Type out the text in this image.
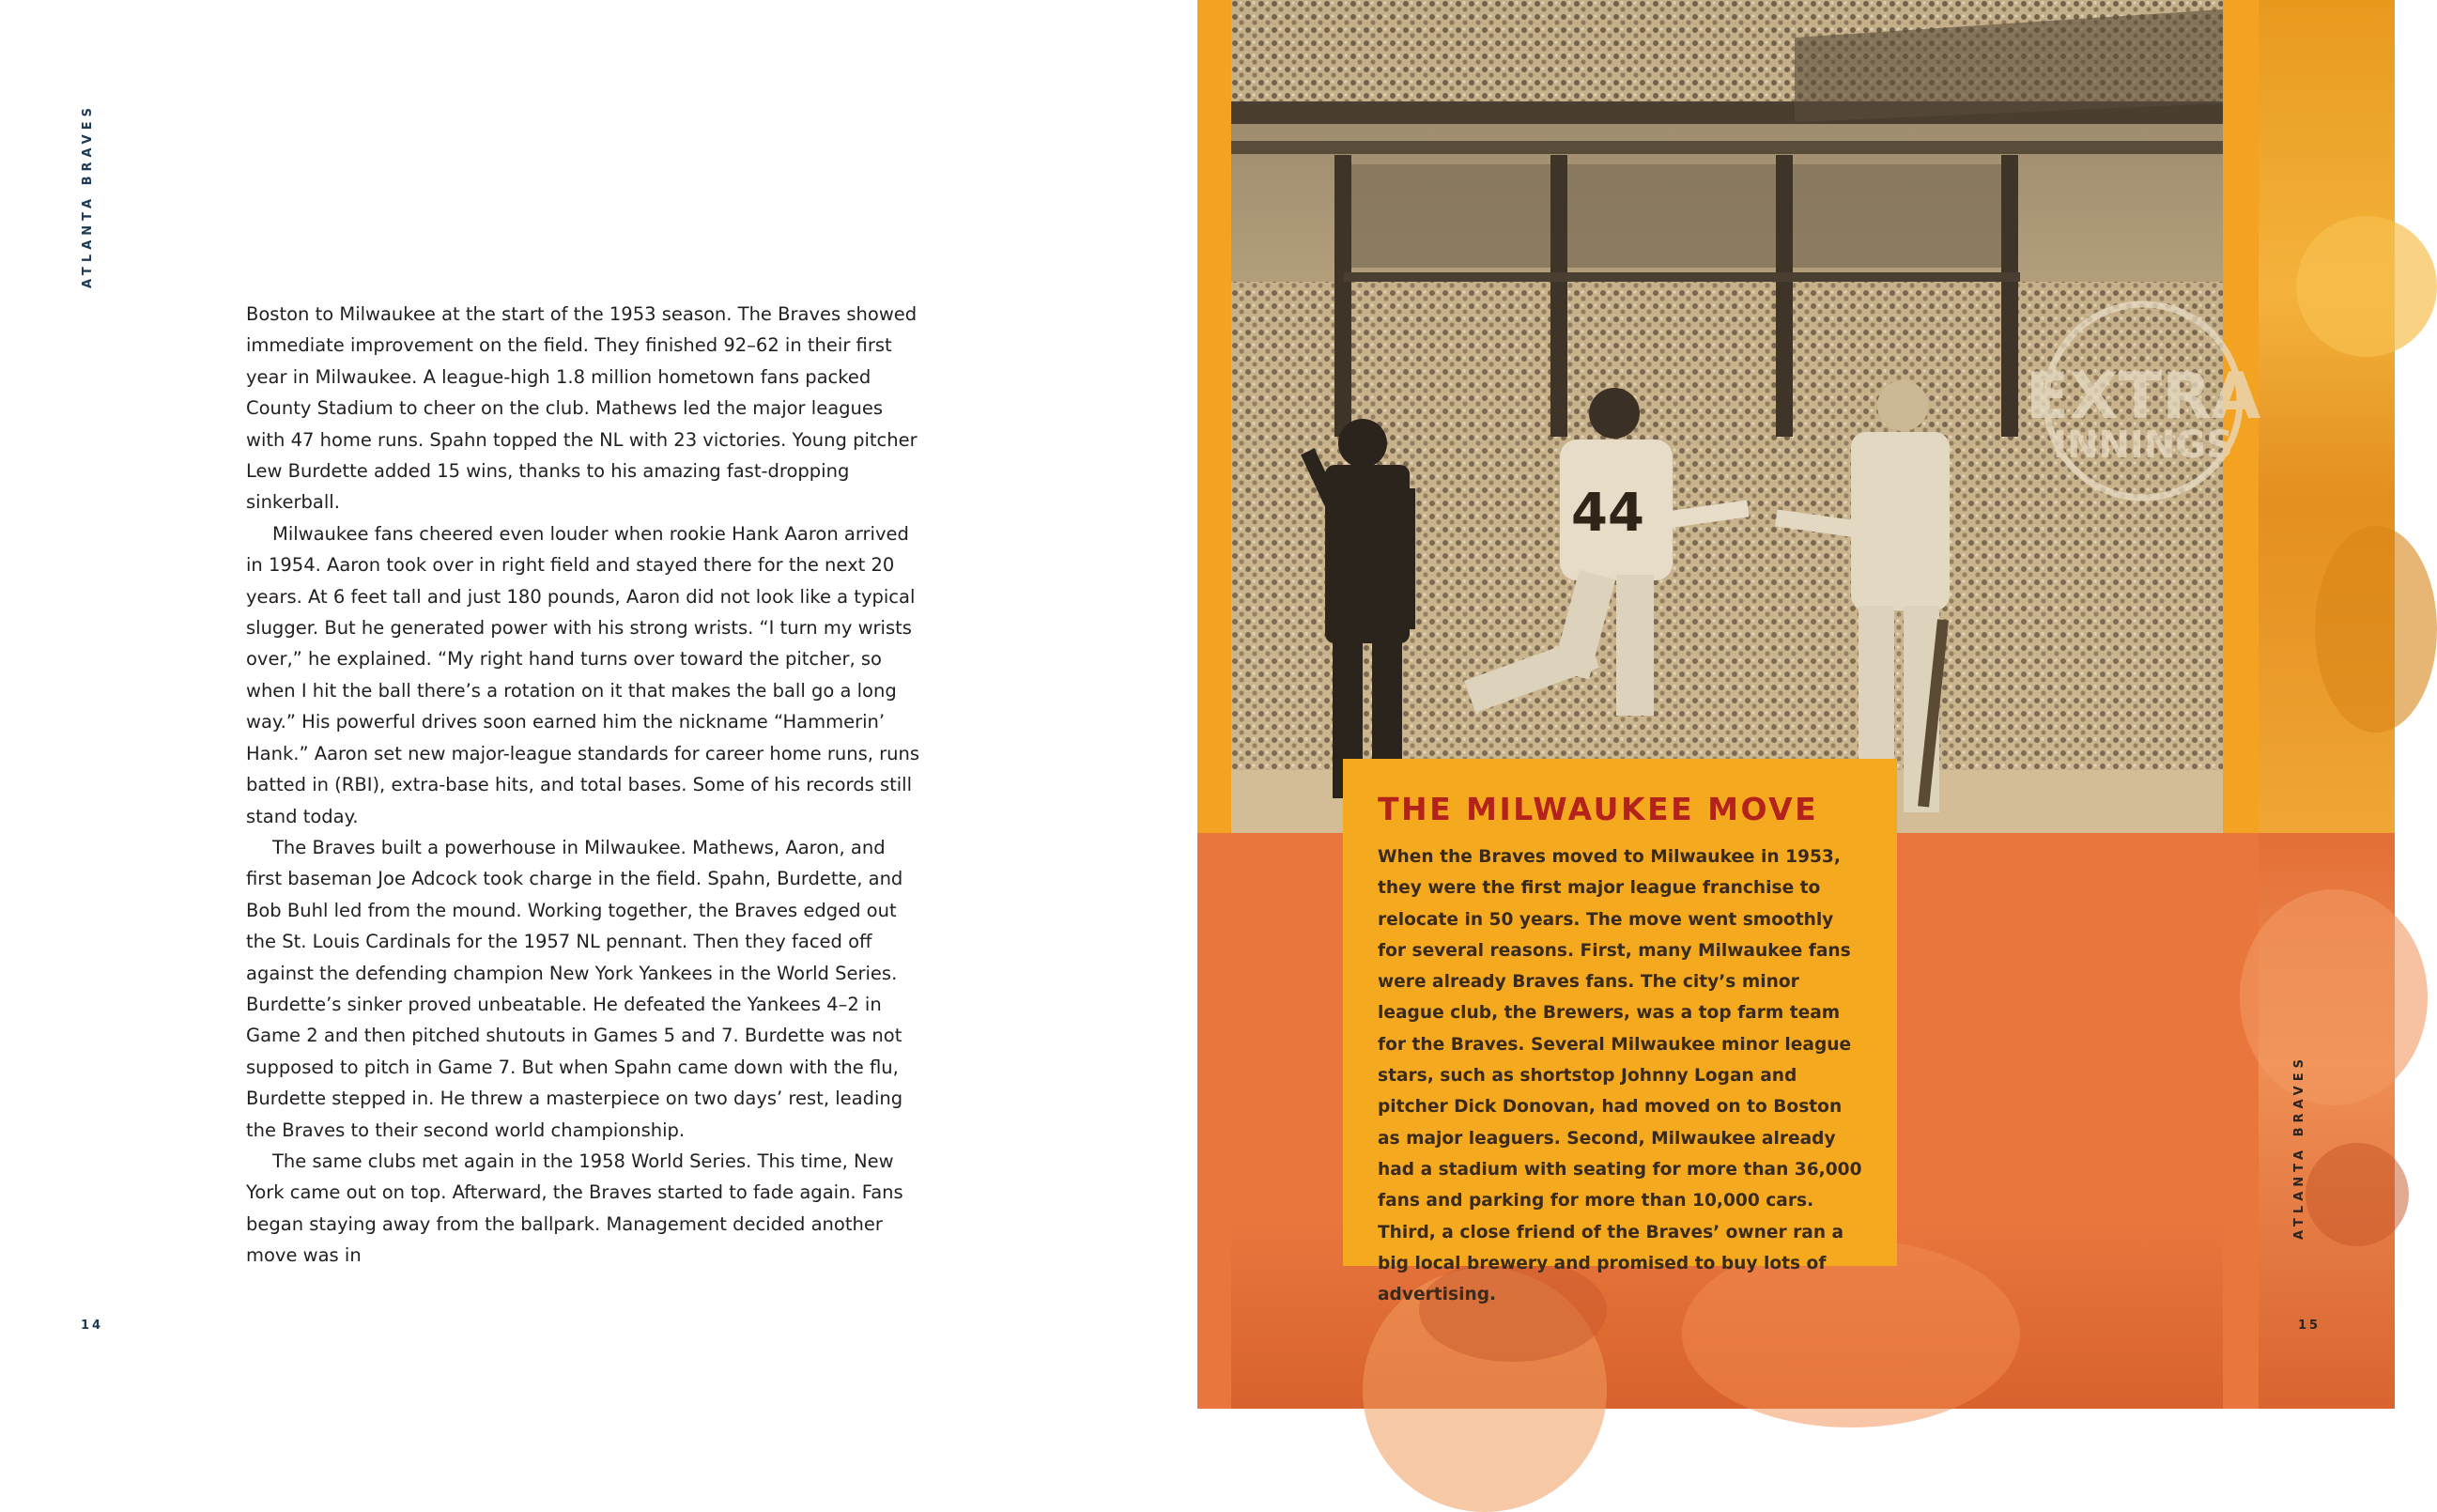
ATLANTA BRAVES

Boston to Milwaukee at the start of the 1953 season. The Braves showed immediate improvement on the field. They finished 92–62 in their first year in Milwaukee. A league-high 1.8 million hometown fans packed County Stadium to cheer on the club. Mathews led the major leagues with 47 home runs. Spahn topped the NL with 23 victories. Young pitcher Lew Burdette added 15 wins, thanks to his amazing fast-dropping sinkerball.

Milwaukee fans cheered even louder when rookie Hank Aaron arrived in 1954. Aaron took over in right field and stayed there for the next 20 years. At 6 feet tall and just 180 pounds, Aaron did not look like a typical slugger. But he generated power with his strong wrists. “I turn my wrists over,” he explained. “My right hand turns over toward the pitcher, so when I hit the ball there’s a rotation on it that makes the ball go a long way.” His powerful drives soon earned him the nickname “Hammerin’ Hank.” Aaron set new major-league standards for career home runs, runs batted in (RBI), extra-base hits, and total bases. Some of his records still stand today.

The Braves built a powerhouse in Milwaukee. Mathews, Aaron, and first baseman Joe Adcock took charge in the field. Spahn, Burdette, and Bob Buhl led from the mound. Working together, the Braves edged out the St. Louis Cardinals for the 1957 NL pennant. Then they faced off against the defending champion New York Yankees in the World Series. Burdette’s sinker proved unbeatable. He defeated the Yankees 4–2 in Game 2 and then pitched shutouts in Games 5 and 7. Burdette was not supposed to pitch in Game 7. But when Spahn came down with the flu, Burdette stepped in. He threw a masterpiece on two days’ rest, leading the Braves to their second world championship.

The same clubs met again in the 1958 World Series. This time, New York came out on top. Afterward, the Braves started to fade again. Fans began staying away from the ballpark. Management decided another move was in

14
44
EXTRA
INNINGS
THE MILWAUKEE MOVE
When the Braves moved to Milwaukee in 1953, they were the first major league franchise to relocate in 50 years. The move went smoothly for several reasons. First, many Milwaukee fans were already Braves fans. The city’s minor league club, the Brewers, was a top farm team for the Braves. Several Milwaukee minor league stars, such as shortstop Johnny Logan and pitcher Dick Donovan, had moved on to Boston as major leaguers. Second, Milwaukee already had a stadium with seating for more than 36,000 fans and parking for more than 10,000 cars. Third, a close friend of the Braves’ owner ran a big local brewery and promised to buy lots of advertising.
ATLANTA BRAVES
15
